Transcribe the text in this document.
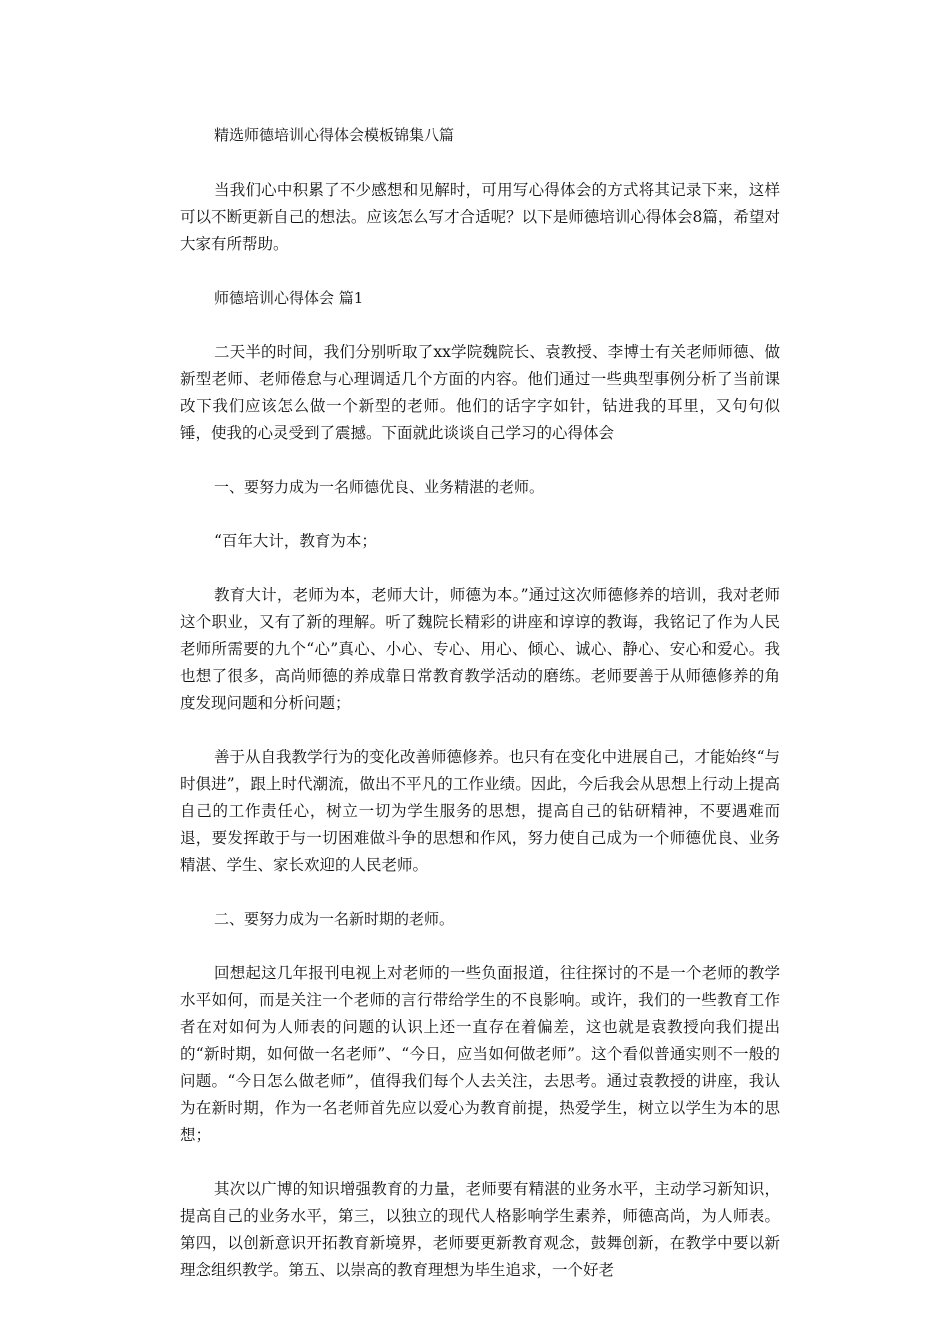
精选师德培训心得体会模板锦集八篇

当我们心中积累了不少感想和见解时，可用写心得体会的方式将其记录下来，这样可以不断更新自己的想法。应该怎么写才合适呢？以下是师德培训心得体会8篇，希望对大家有所帮助。

师德培训心得体会 篇1

二天半的时间，我们分别听取了xx学院魏院长、袁教授、李博士有关老师师德、做新型老师、老师倦怠与心理调适几个方面的内容。他们通过一些典型事例分析了当前课改下我们应该怎么做一个新型的老师。他们的话字字如针，钻进我的耳里，又句句似锤，使我的心灵受到了震撼。下面就此谈谈自己学习的心得体会

一、要努力成为一名师德优良、业务精湛的老师。

“百年大计，教育为本；

教育大计，老师为本，老师大计，师德为本。”通过这次师德修养的培训，我对老师这个职业，又有了新的理解。听了魏院长精彩的讲座和谆谆的教诲，我铭记了作为人民老师所需要的九个“心”真心、小心、专心、用心、倾心、诚心、静心、安心和爱心。我也想了很多，高尚师德的养成靠日常教育教学活动的磨练。老师要善于从师德修养的角度发现问题和分析问题；

善于从自我教学行为的变化改善师德修养。也只有在变化中进展自己，才能始终“与时俱进”，跟上时代潮流，做出不平凡的工作业绩。因此，今后我会从思想上行动上提高自己的工作责任心，树立一切为学生服务的思想，提高自己的钻研精神，不要遇难而退，要发挥敢于与一切困难做斗争的思想和作风，努力使自己成为一个师德优良、业务精湛、学生、家长欢迎的人民老师。

二、要努力成为一名新时期的老师。

回想起这几年报刊电视上对老师的一些负面报道，往往探讨的不是一个老师的教学水平如何，而是关注一个老师的言行带给学生的不良影响。或许，我们的一些教育工作者在对如何为人师表的问题的认识上还一直存在着偏差，这也就是袁教授向我们提出的“新时期，如何做一名老师”、“今日，应当如何做老师”。这个看似普通实则不一般的问题。“今日怎么做老师”，值得我们每个人去关注，去思考。通过袁教授的讲座，我认为在新时期，作为一名老师首先应以爱心为教育前提，热爱学生，树立以学生为本的思想；

其次以广博的知识增强教育的力量，老师要有精湛的业务水平，主动学习新知识，提高自己的业务水平，第三，以独立的现代人格影响学生素养，师德高尚，为人师表。第四，以创新意识开拓教育新境界，老师要更新教育观念，鼓舞创新，在教学中要以新理念组织教学。第五、以崇高的教育理想为毕生追求，一个好老
